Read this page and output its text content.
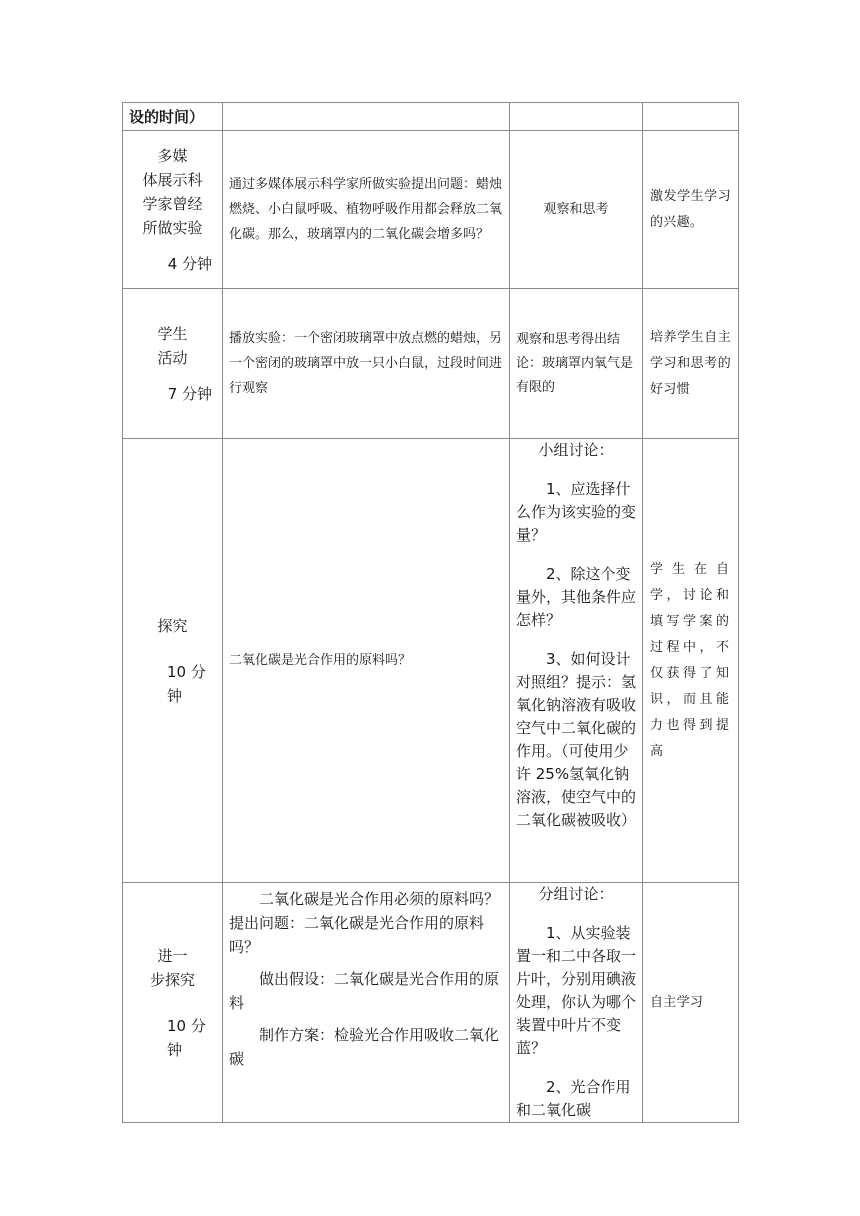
设的时间）			

多媒
体展示科
学家曾经
所做实验
4 分钟	通过多媒体展示科学家所做实验提出问题：蜡烛燃烧、小白鼠呼吸、植物呼吸作用都会释放二氧化碳。那么，玻璃罩内的二氧化碳会增多吗？	观察和思考	激发学生学习的兴趣。

学生
活动
7 分钟	播放实验：一个密闭玻璃罩中放点燃的蜡烛，另一个密闭的玻璃罩中放一只小白鼠，过段时间进行观察	观察和思考得出结论：玻璃罩内氧气是有限的	培养学生自主学习和思考的好习惯

探究
10 分
钟	二氧化碳是光合作用的原料吗？	小组讨论：
1、应选择什么作为该实验的变量？
2、除这个变量外，其他条件应怎样？
3、如何设计对照组？提示：氢氧化钠溶液有吸收空气中二氧化碳的作用。（可使用少许 25%氢氧化钠溶液，使空气中的二氧化碳被吸收）	学生在自学，讨论和填写学案的过程中，不仅获得了知识，而且能力也得到提高

进一
步探究
10 分
钟	二氧化碳是光合作用必须的原料吗？提出问题：二氧化碳是光合作用的原料吗？
做出假设：二氧化碳是光合作用的原料
制作方案：检验光合作用吸收二氧化碳	分组讨论：
1、从实验装置一和二中各取一片叶，分别用碘液处理，你认为哪个装置中叶片不变蓝？
2、光合作用和二氧化碳	自主学习
